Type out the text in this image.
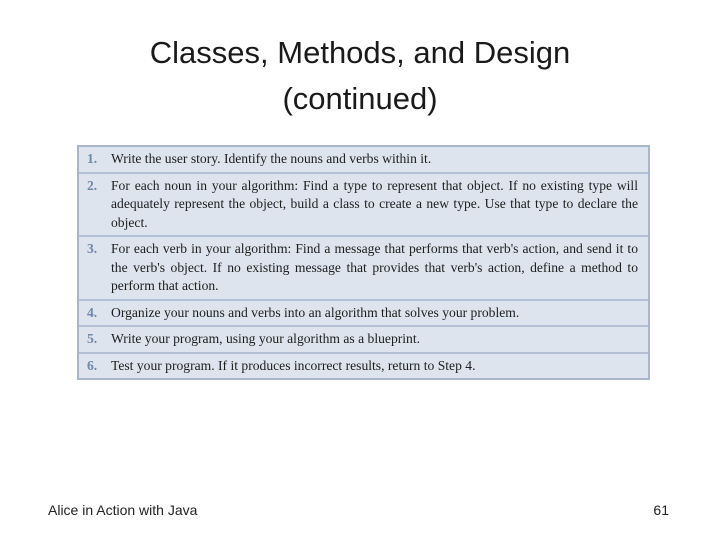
Classes, Methods, and Design
(continued)
1.	Write the user story. Identify the nouns and verbs within it.
2.	For each noun in your algorithm: Find a type to represent that object. If no existing type will adequately represent the object, build a class to create a new type. Use that type to declare the object.
3.	For each verb in your algorithm: Find a message that performs that verb's action, and send it to the verb's object. If no existing message that provides that verb's action, define a method to perform that action.
4.	Organize your nouns and verbs into an algorithm that solves your problem.
5.	Write your program, using your algorithm as a blueprint.
6.	Test your program. If it produces incorrect results, return to Step 4.
Alice in Action with Java	61
